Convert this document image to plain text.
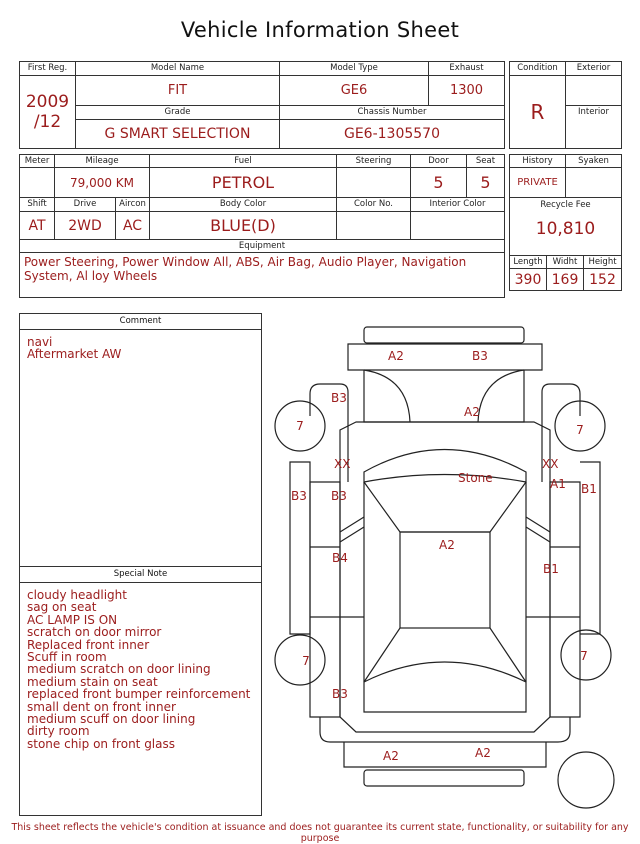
Vehicle Information Sheet
First Reg.	Model Name	Model Type	Exhaust

2009
/12	FIT	GE6	1300

	Grade	Chassis Number	

	G SMART SELECTION	GE6-1305570	
Condition	Exterior

R	

	Interior

Meter	Mileage		Fuel	Steering	Door	Seat

	79,000 KM		PETROL		5	5

Shift	Drive	Aircon	Body Color	Color No.	Interior Color	

AT	2WD	AC	BLUE(D)			

Equipment						

Power Steering, Power Window All, ABS, Air Bag, Audio Player, Navigation System, Al loy Wheels						
History		Syaken	

PRIVATE			

Recycle Fee
10,810			

Length	Widht		Height

390	169		152
Comment
navi
Aftermarket AW
Special Note
cloudy headlight
sag on seat
AC LAMP IS ON
scratch on door mirror
Replaced front inner
Scuff in room
medium scratch on door lining
medium stain on seat
replaced front bumper reinforcement
small dent on front inner
medium scuff on door lining
dirty room
stone chip on front glass
A2	B3
A2
B3
7	7
XX	XX
Stone	A1
B3 B3	B1
A2
B4
B1
7	7
B3
A2	A2
This sheet reflects the vehicle's condition at issuance and does not guarantee its current state, functionality, or suitability for any purpose
